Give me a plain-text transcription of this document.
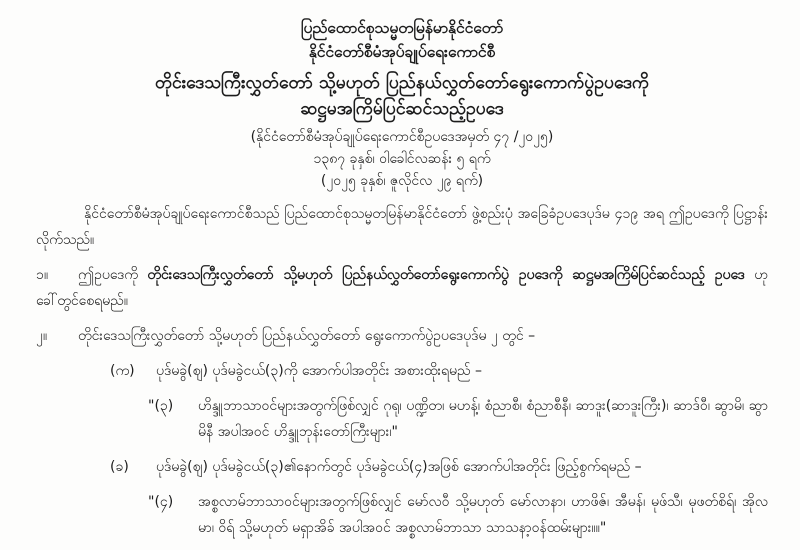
ပြည်ထောင်စုသမ္မတမြန်မာနိုင်ငံတော်
နိုင်ငံတော်စီမံအုပ်ချုပ်ရေးကောင်စီ
တိုင်းဒေသကြီးလွှတ်တော် သို့မဟုတ် ပြည်နယ်လွှတ်တော်ရွေးကောက်ပွဲဥပဒေကို
ဆဋ္ဌမအကြိမ်ပြင်ဆင်သည့်ဥပဒေ
(နိုင်ငံတော်စီမံအုပ်ချုပ်ရေးကောင်စီဥပဒေအမှတ် ၄၇ /၂၀၂၅)
၁၃၈၇ ခုနှစ်၊ ဝါခေါင်လဆန်း ၅ ရက်
(၂၀၂၅ ခုနှစ်၊ ဇူလိုင်လ ၂၉ ရက်)

နိုင်ငံတော်စီမံအုပ်ချုပ်ရေးကောင်စီသည် ပြည်ထောင်စုသမ္မတမြန်မာနိုင်ငံတော် ဖွဲ့စည်းပုံ အခြေခံဥပဒေပုဒ်မ ၄၁၉ အရ ဤဥပဒေကို ပြဋ္ဌာန်းလိုက်သည်။

၁။ ဤဥပဒေကို တိုင်းဒေသကြီးလွှတ်တော် သို့မဟုတ် ပြည်နယ်လွှတ်တော်ရွေးကောက်ပွဲ ဥပဒေကို ဆဋ္ဌမအကြိမ်ပြင်ဆင်သည့် ဥပဒေ ဟု ခေါ်တွင်စေရမည်။

၂။ တိုင်းဒေသကြီးလွှတ်တော် သို့မဟုတ် ပြည်နယ်လွှတ်တော် ရွေးကောက်ပွဲဥပဒေပုဒ်မ ၂ တွင် –

(က)	ပုဒ်မခွဲ(ဈ) ပုဒ်မခွဲငယ်(၃)ကို အောက်ပါအတိုင်း အစားထိုးရမည် –
"(၃)	ဟိန္ဒူဘာသာဝင်များအတွက်ဖြစ်လျှင် ဂုရု၊ ပဏ္ဍိတ၊ မဟန့်၊ စံညာစီ၊ စံညာစီနီ၊ ဆာဒူး(ဆာဒူးကြီး)၊ ဆာဒ်ဝီ၊ ဆွာမိ၊ ဆွာမိနီ အပါအဝင် ဟိန္ဒူဘုန်းတော်ကြီးများ၊"
(ခ)	ပုဒ်မခွဲ(ဈ) ပုဒ်မခွဲငယ်(၃)၏နောက်တွင် ပုဒ်မခွဲငယ်(၄)အဖြစ် အောက်ပါအတိုင်း ဖြည့်စွက်ရမည် –
"(၄)	အစ္စလာမ်ဘာသာဝင်များအတွက်ဖြစ်လျှင် မော်လဝီ သို့မဟုတ် မော်လာနာ၊ ဟာဖိဇ်၊ အီမန်၊ မုဖ်သီ၊ မုဖတ်စိရ်၊ အိုလမာ၊ ဝိရ် သို့မဟုတ် မရှာအိခ် အပါအဝင် အစ္စလာမ်ဘာသာ သာသနာ့ဝန်ထမ်းများ။။"
